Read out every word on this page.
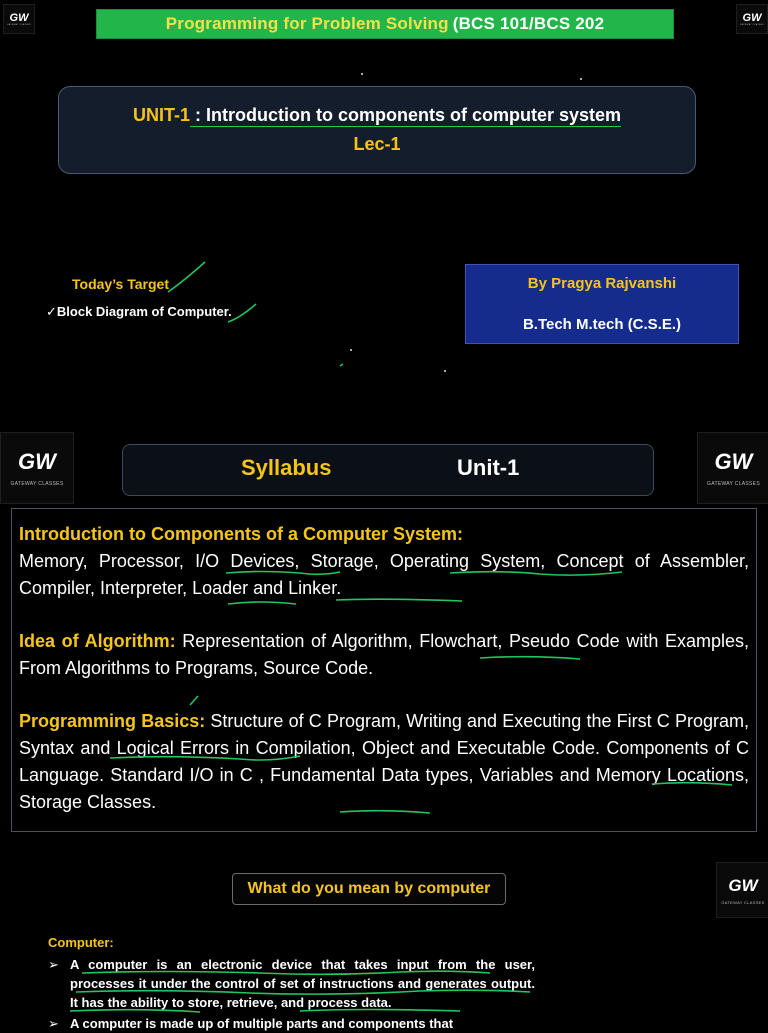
Programming for Problem Solving (BCS 101/BCS 202
GW
GATEWAY CLASSES
GW
GATEWAY CLASSES
UNIT-1 : Introduction to components of computer system
Lec-1
Today’s Target
✓Block Diagram of Computer.
By Pragya Rajvanshi
B.Tech M.tech (C.S.E.)
GW
GATEWAY CLASSES
GW
GATEWAY CLASSES
Syllabus	Unit-1

Introduction to Components of a Computer System:
Memory, Processor, I/O Devices, Storage, Operating System, Concept of Assembler, Compiler, Interpreter, Loader and Linker.

Idea of Algorithm: Representation of Algorithm, Flowchart, Pseudo Code with Examples, From Algorithms to Programs, Source Code.

Programming Basics: Structure of C Program, Writing and Executing the First C Program, Syntax and Logical Errors in Compilation, Object and Executable Code. Components of C Language. Standard I/O in C , Fundamental Data types, Variables and Memory Locations, Storage Classes.

What do you mean by computer	GW
GATEWAY CLASSES
Computer:
➢ A computer is an electronic device that takes input from the user, processes it under the control of set of instructions and generates output. It has the ability to store, retrieve, and process data.
➢ A computer is made up of multiple parts and components that
